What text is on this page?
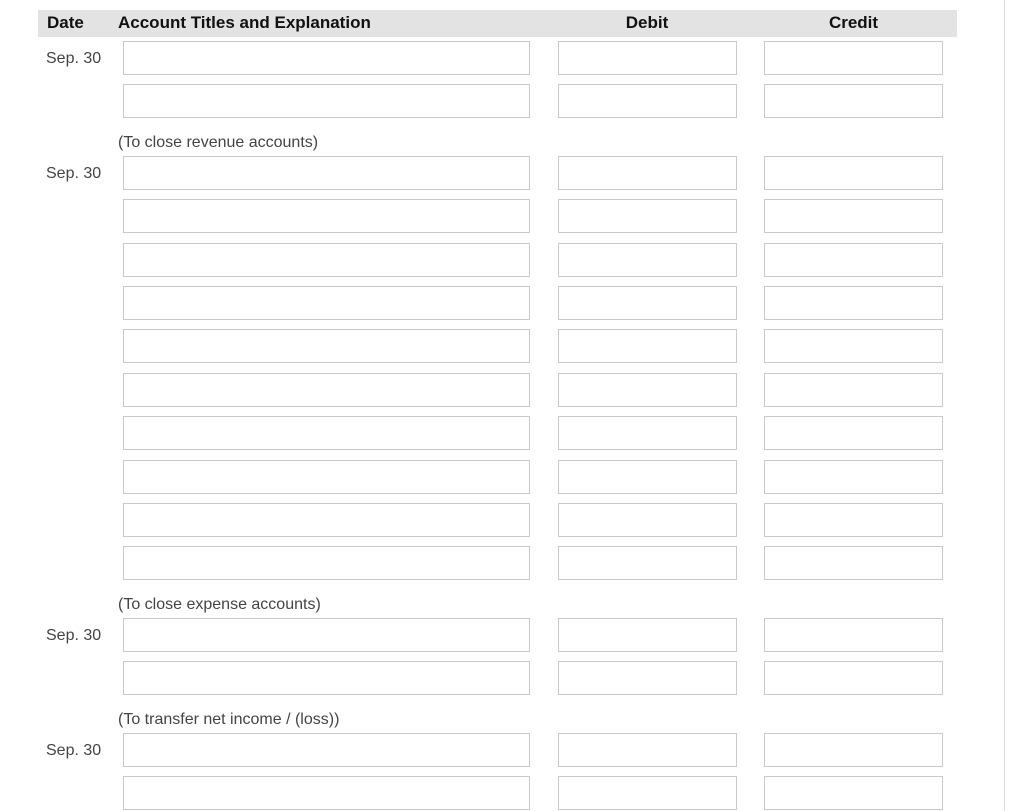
Date Account Titles and Explanation	Debit	Credit
Sep. 30
(To close revenue accounts)
Sep. 30
(To close expense accounts)
Sep. 30
(To transfer net income / (loss))
Sep. 30
